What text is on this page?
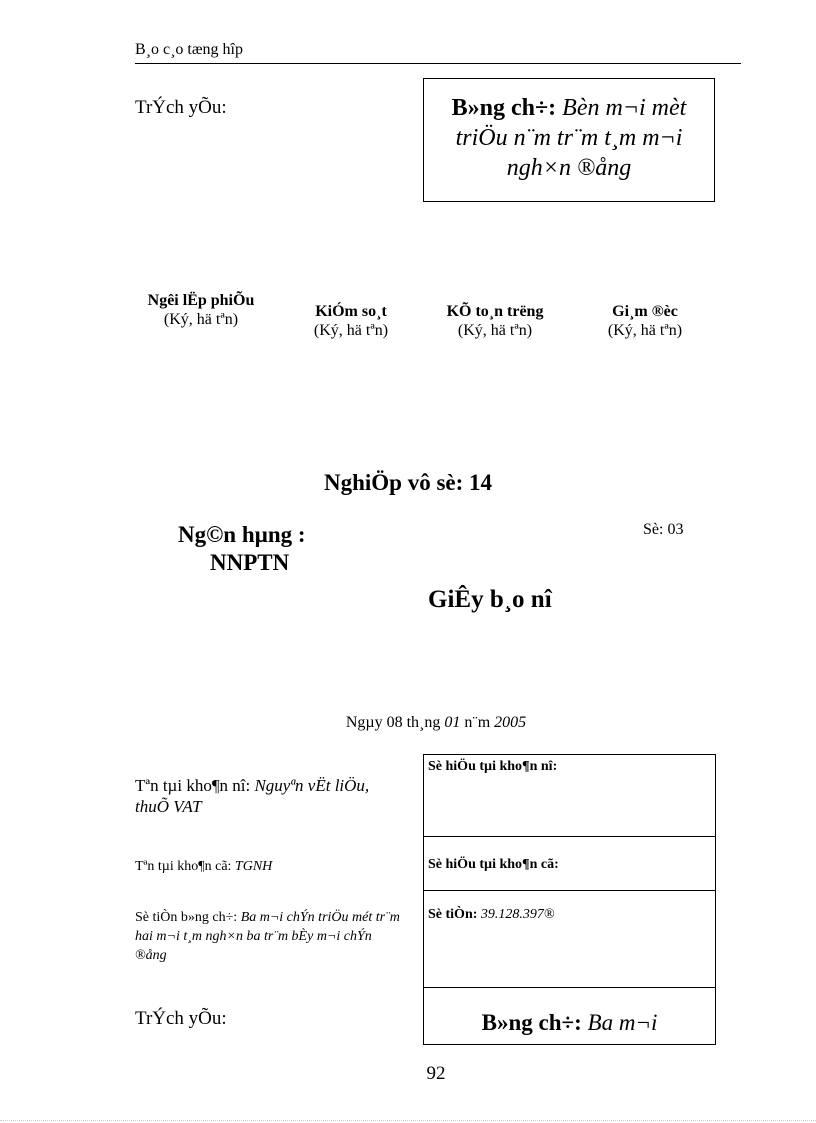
B¸o c¸o tæng hîp
TrÝch yÕu:	B»ng ch÷: Bèn m¬i mèt triÖu n¨m tr¨m t¸m m¬i ngh×n ®ång
Ngêi lËp phiÕu
(Ký, hä tªn)	KiÓm so¸t
(Ký, hä tªn)
KÕ to¸n trëng
(Ký, hä tªn)
Gi¸m ®èc
(Ký, hä tªn)
NghiÖp vô sè: 14
Ng©n hµng :
NNPTN
Sè: 03
GiÊy b¸o nî
Ngµy 08 th¸ng 01 n¨m 2005
Tªn tµi kho¶n nî: Nguyªn vËt liÖu, thuÕ VAT
Tªn tµi kho¶n cã: TGNH
Sè tiÒn b»ng ch÷: Ba m¬i chÝn triÖu mét tr¨m hai m¬i t¸m ngh×n ba tr¨m bÈy m¬i chÝn ®ång
TrÝch yÕu:
Sè hiÖu tµi kho¶n nî:
Sè hiÖu tµi kho¶n cã:
Sè tiÒn: 39.128.397®
B»ng ch÷: Ba m¬i
92
